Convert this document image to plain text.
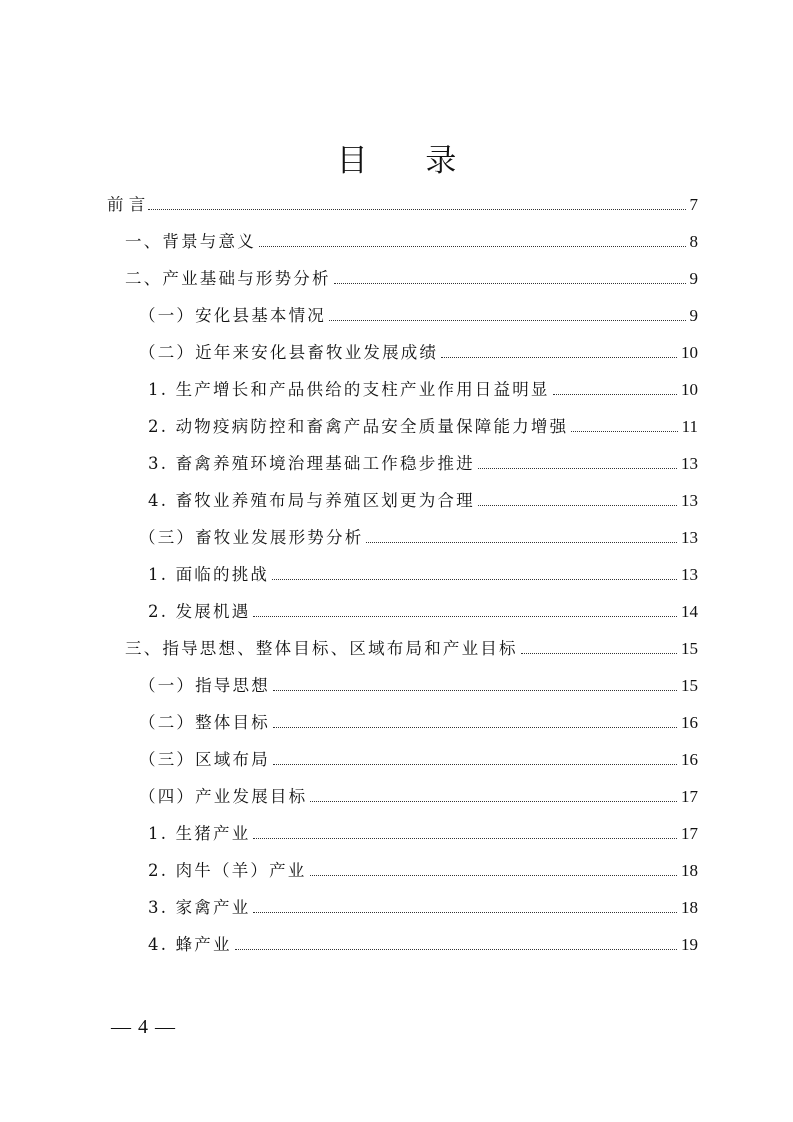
目 录
前 言	7
一、背景与意义	8
二、产业基础与形势分析	9
（一）安化县基本情况	9
（二）近年来安化县畜牧业发展成绩	10
1. 生产增长和产品供给的支柱产业作用日益明显	10
2. 动物疫病防控和畜禽产品安全质量保障能力增强	11
3. 畜禽养殖环境治理基础工作稳步推进	13
4. 畜牧业养殖布局与养殖区划更为合理	13
（三）畜牧业发展形势分析	13
1. 面临的挑战	13
2. 发展机遇	14
三、指导思想、整体目标、区域布局和产业目标	15
（一）指导思想	15
（二）整体目标	16
（三）区域布局	16
（四）产业发展目标	17
1. 生猪产业	17
2. 肉牛（羊）产业	18
3. 家禽产业	18
4. 蜂产业	19
— 4 —
